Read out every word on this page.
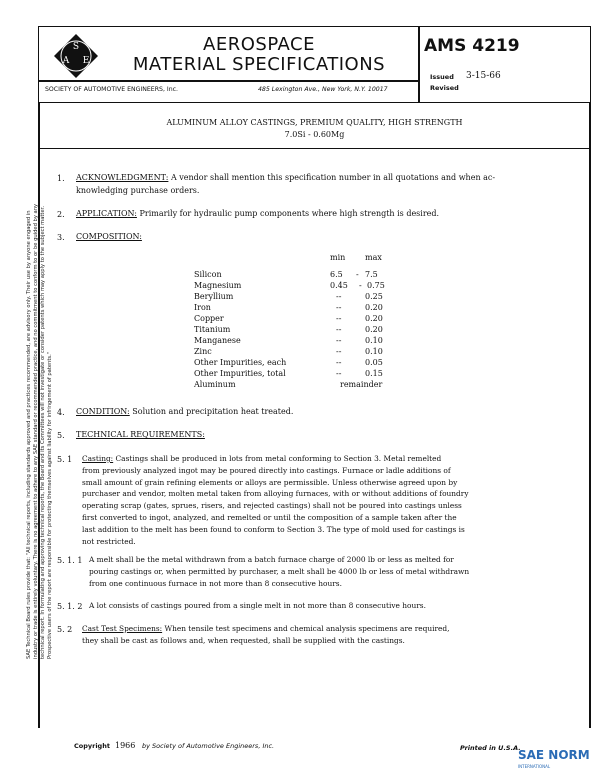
S
A E
AEROSPACE
MATERIAL SPECIFICATIONS
SOCIETY OF AUTOMOTIVE ENGINEERS, Inc.	485 Lexington Ave., New York, N.Y. 10017
AMS 4219
Issued 3-15-66
Revised
ALUMINUM ALLOY CASTINGS, PREMIUM QUALITY, HIGH STRENGTH
7.0Si - 0.60Mg
1. ACKNOWLEDGMENT: A vendor shall mention this specification number in all quotations and when ac-
knowledging purchase orders.
2. APPLICATION: Primarily for hydraulic pump components where high strength is desired.
3. COMPOSITION:
min max
Silicon	6.5	- 7.5
Magnesium	0.45	- 0.75
Beryllium	--	0.25
Iron	--	0.20
Copper	--	0.20
Titanium	--	0.20
Manganese	--	0.10
Zinc	--	0.10
Other Impurities, each	--	0.05
Other Impurities, total	--	0.15
Aluminum	remainder
4. CONDITION: Solution and precipitation heat treated.
5. TECHNICAL REQUIREMENTS:
5. 1 Casting: Castings shall be produced in lots from metal conforming to Section 3. Metal remelted
from previously analyzed ingot may be poured directly into castings. Furnace or ladle additions of
small amount of grain refining elements or alloys are permissible. Unless otherwise agreed upon by
purchaser and vendor, molten metal taken from alloying furnaces, with or without additions of foundry
operating scrap (gates, sprues, risers, and rejected castings) shall not be poured into castings unless
first converted to ingot, analyzed, and remelted or until the composition of a sample taken after the
last addition to the melt has been found to conform to Section 3. The type of mold used for castings is
not restricted.
5. 1. 1 A melt shall be the metal withdrawn from a batch furnace charge of 2000 lb or less as melted for
pouring castings or, when permitted by purchaser, a melt shall be 4000 lb or less of metal withdrawn
from one continuous furnace in not more than 8 consecutive hours.
5. 1. 2 A lot consists of castings poured from a single melt in not more than 8 consecutive hours.
5. 2 Cast Test Specimens: When tensile test specimens and chemical analysis specimens are required,
they shall be cast as follows and, when requested, shall be supplied with the castings.
SAE Technical Board rules provide that: "All technical reports, including standards approved and practices recommended, are advisory only. Their use by anyone engaged in industry or trade is entirely voluntary. There is no agreement to adhere to any SAE standard or recommended practice, and no commitment to conform to or be guided by any technical report. In formulating and approving technical reports, the Board and its Committees will not investigate or consider patents which may apply to the subject matter. Prospective users of the report are responsible for protecting themselves against liability for infringement of patents."
Copyright 1966 by Society of Automotive Engineers, Inc.	Printed in U.S.A.
SAE NORM
INTERNATIONAL
